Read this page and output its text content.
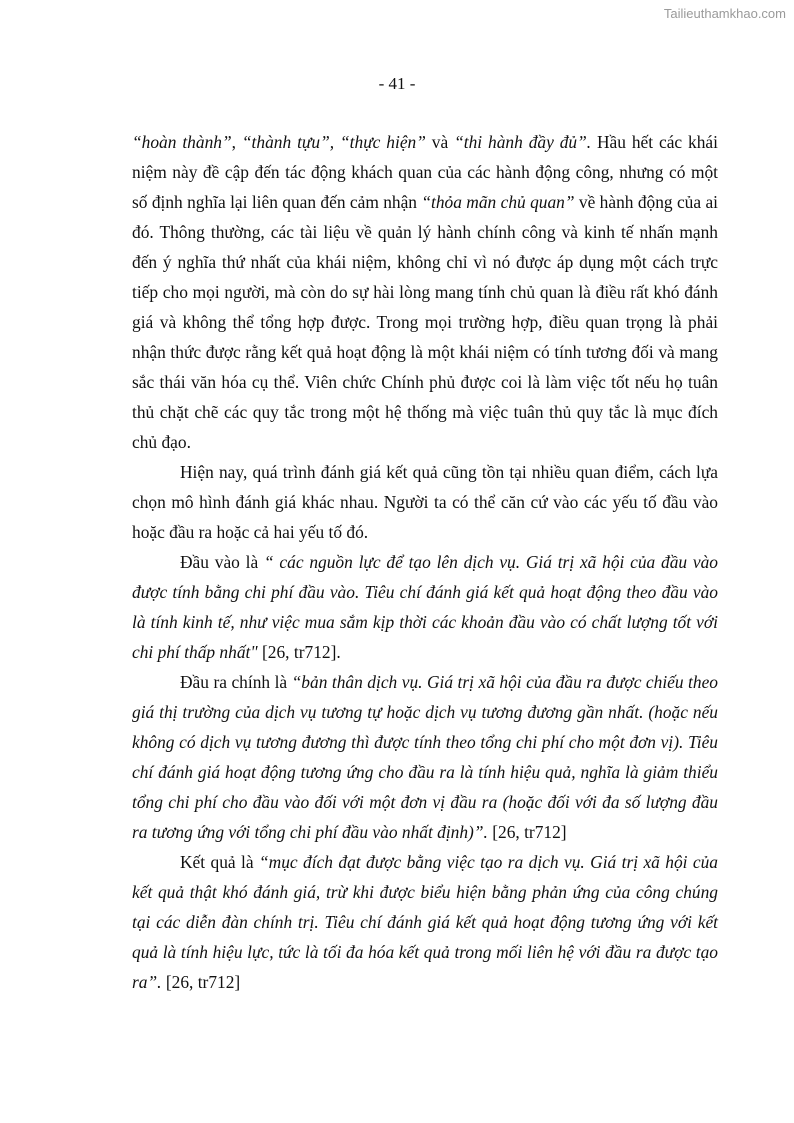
Tailieuthamkhao.com
- 41 -

“hoàn thành”, “thành tựu”, “thực hiện” và “thi hành đầy đủ”. Hầu hết các khái niệm này đề cập đến tác động khách quan của các hành động công, nhưng có một số định nghĩa lại liên quan đến cảm nhận “thỏa mãn chủ quan” về hành động của ai đó. Thông thường, các tài liệu về quản lý hành chính công và kinh tế nhấn mạnh đến ý nghĩa thứ nhất của khái niệm, không chỉ vì nó được áp dụng một cách trực tiếp cho mọi người, mà còn do sự hài lòng mang tính chủ quan là điều rất khó đánh giá và không thể tổng hợp được. Trong mọi trường hợp, điều quan trọng là phải nhận thức được rằng kết quả hoạt động là một khái niệm có tính tương đối và mang sắc thái văn hóa cụ thể. Viên chức Chính phủ được coi là làm việc tốt nếu họ tuân thủ chặt chẽ các quy tắc trong một hệ thống mà việc tuân thủ quy tắc là mục đích chủ đạo.

Hiện nay, quá trình đánh giá kết quả cũng tồn tại nhiều quan điểm, cách lựa chọn mô hình đánh giá khác nhau. Người ta có thể căn cứ vào các yếu tố đầu vào hoặc đầu ra hoặc cả hai yếu tố đó.

Đầu vào là “ các nguồn lực để tạo lên dịch vụ. Giá trị xã hội của đầu vào được tính bằng chi phí đầu vào. Tiêu chí đánh giá kết quả hoạt động theo đầu vào là tính kinh tế, như việc mua sắm kịp thời các khoản đầu vào có chất lượng tốt với chi phí thấp nhất" [26, tr712].

Đầu ra chính là “bản thân dịch vụ. Giá trị xã hội của đầu ra được chiếu theo giá thị trường của dịch vụ tương tự hoặc dịch vụ tương đương gần nhất. (hoặc nếu không có dịch vụ tương đương thì được tính theo tổng chi phí cho một đơn vị). Tiêu chí đánh giá hoạt động tương ứng cho đầu ra là tính hiệu quả, nghĩa là giảm thiểu tổng chi phí cho đầu vào đối với một đơn vị đầu ra (hoặc đối với đa số lượng đầu ra tương ứng với tổng chi phí đầu vào nhất định)”. [26, tr712]

Kết quả là “mục đích đạt được bằng việc tạo ra dịch vụ. Giá trị xã hội của kết quả thật khó đánh giá, trừ khi được biểu hiện bằng phản ứng của công chúng tại các diễn đàn chính trị. Tiêu chí đánh giá kết quả hoạt động tương ứng với kết quả là tính hiệu lực, tức là tối đa hóa kết quả trong mối liên hệ với đầu ra được tạo ra”. [26, tr712]
